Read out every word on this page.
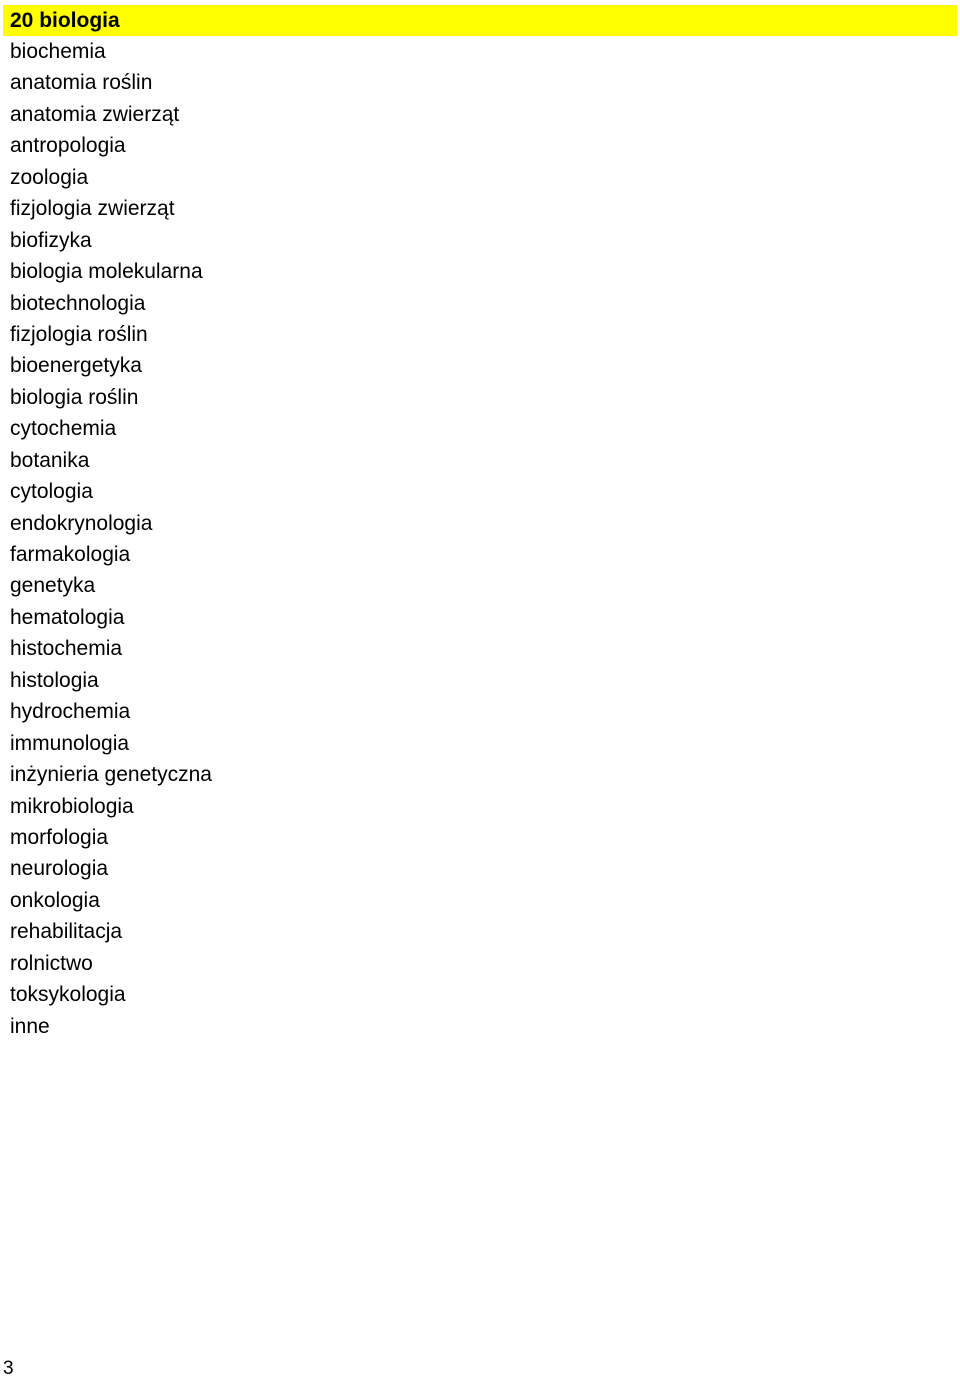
20 biologia
biochemia
anatomia roślin
anatomia zwierząt
antropologia
zoologia
fizjologia zwierząt
biofizyka
biologia molekularna
biotechnologia
fizjologia roślin
bioenergetyka
biologia roślin
cytochemia
botanika
cytologia
endokrynologia
farmakologia
genetyka
hematologia
histochemia
histologia
hydrochemia
immunologia
inżynieria genetyczna
mikrobiologia
morfologia
neurologia
onkologia
rehabilitacja
rolnictwo
toksykologia
inne
3
